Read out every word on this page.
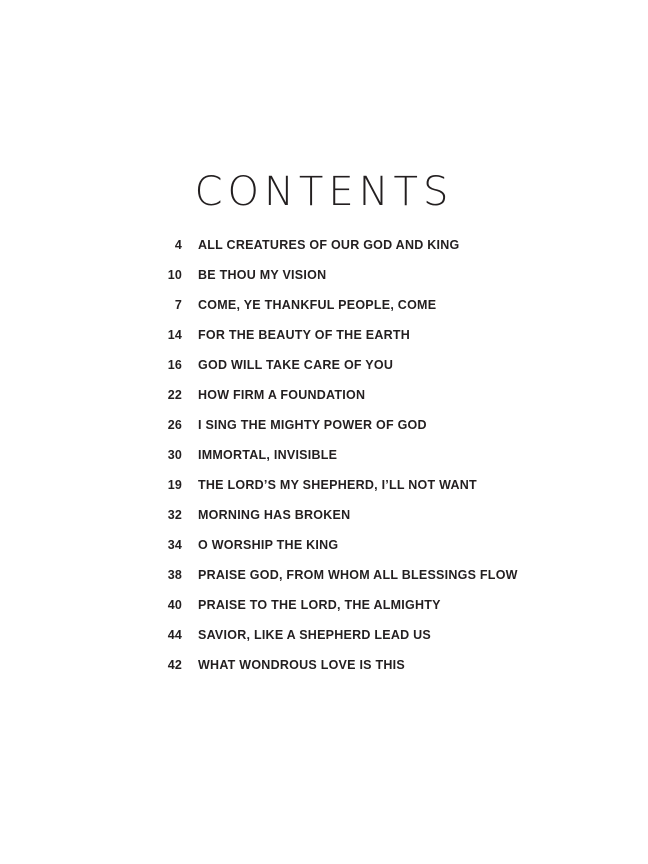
CONTENTS
4 ALL CREATURES OF OUR GOD AND KING
10 BE THOU MY VISION
7 COME, YE THANKFUL PEOPLE, COME
14 FOR THE BEAUTY OF THE EARTH
16 GOD WILL TAKE CARE OF YOU
22 HOW FIRM A FOUNDATION
26 I SING THE MIGHTY POWER OF GOD
30 IMMORTAL, INVISIBLE
19 THE LORD’S MY SHEPHERD, I’LL NOT WANT
32 MORNING HAS BROKEN
34 O WORSHIP THE KING
38 PRAISE GOD, FROM WHOM ALL BLESSINGS FLOW
40 PRAISE TO THE LORD, THE ALMIGHTY
44 SAVIOR, LIKE A SHEPHERD LEAD US
42 WHAT WONDROUS LOVE IS THIS
